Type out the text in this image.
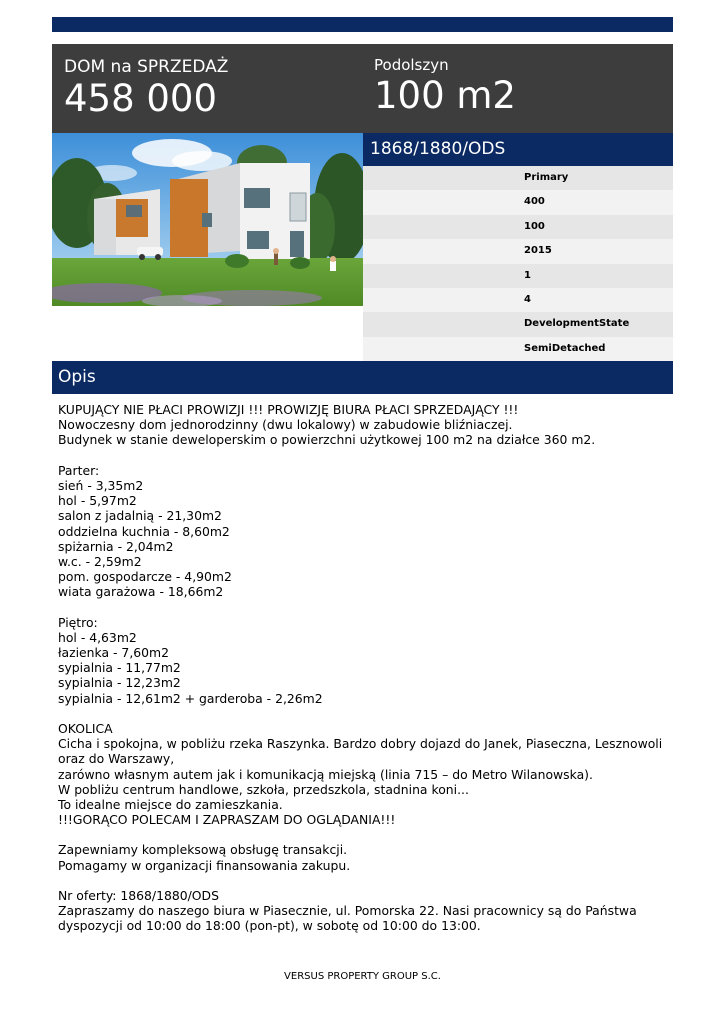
DOM na SPRZEDAŻ
458 000
Podolszyn
100 m2
1868/1880/ODS
Primary
400
100
2015
1
4
DevelopmentState
SemiDetached
Opis
KUPUJĄCY NIE PŁACI PROWIZJI !!! PROWIZJĘ BIURA PŁACI SPRZEDAJĄCY !!!
Nowoczesny dom jednorodzinny (dwu lokalowy) w zabudowie bliźniaczej.
Budynek w stanie deweloperskim o powierzchni użytkowej 100 m2 na działce 360 m2.
Parter:
sień - 3,35m2
hol - 5,97m2
salon z jadalnią - 21,30m2
oddzielna kuchnia - 8,60m2
spiżarnia - 2,04m2
w.c. - 2,59m2
pom. gospodarcze - 4,90m2
wiata garażowa - 18,66m2
Piętro:
hol - 4,63m2
łazienka - 7,60m2
sypialnia - 11,77m2
sypialnia - 12,23m2
sypialnia - 12,61m2 + garderoba - 2,26m2
OKOLICA
Cicha i spokojna, w pobliżu rzeka Raszynka. Bardzo dobry dojazd do Janek, Piaseczna, Lesznowoli
oraz do Warszawy,
zarówno własnym autem jak i komunikacją miejską (linia 715 – do Metro Wilanowska).
W pobliżu centrum handlowe, szkoła, przedszkola, stadnina koni...
To idealne miejsce do zamieszkania.
!!!GORĄCO POLECAM I ZAPRASZAM DO OGLĄDANIA!!!
Zapewniamy kompleksową obsługę transakcji.
Pomagamy w organizacji finansowania zakupu.
Nr oferty: 1868/1880/ODS
Zapraszamy do naszego biura w Piasecznie, ul. Pomorska 22. Nasi pracownicy są do Państwa
dyspozycji od 10:00 do 18:00 (pon-pt), w sobotę od 10:00 do 13:00.
VERSUS PROPERTY GROUP S.C.
